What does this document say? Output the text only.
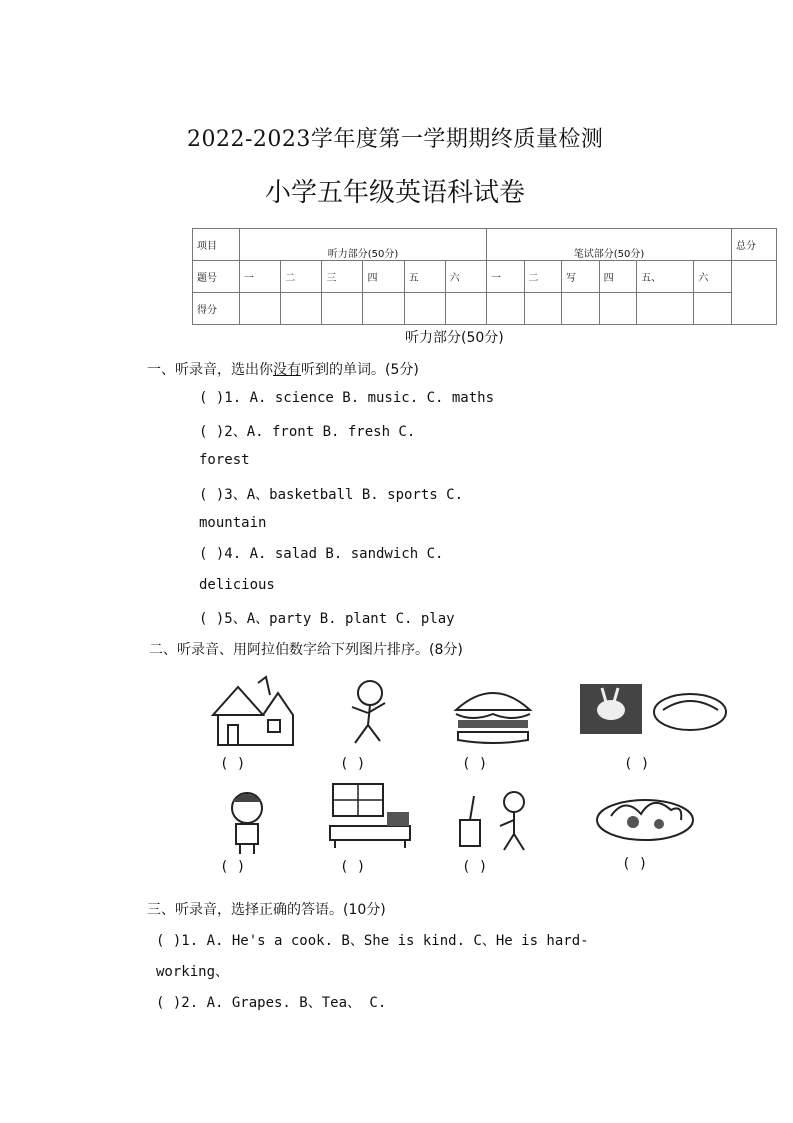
2022-2023学年度第一学期期终质量检测
小学五年级英语科试卷
项目	听力部分(50分)						笔试部分(50分)						总分
题号	一	二	三	四	五	六	一	二	写	四	五、	六	
得分													
听力部分(50分)
一、听录音，选出你没有听到的单词。(5分)
( )1. A. science B. music. C. maths
( )2、A. front B. fresh C.
forest
( )3、A、basketball B. sports C.
mountain
( )4. A. salad B. sandwich C.
delicious
( )5、A、party B. plant C. play
二、听录音、用阿拉伯数字给下列图片排序。(8分)
( )	( )	( )	( )
( )	( )	( )	( )
三、听录音，选择正确的答语。(10分)
( )1. A. He's a cook. B、She is kind. C、He is hard-
working、
( )2. A. Grapes. B、Tea、 C.
